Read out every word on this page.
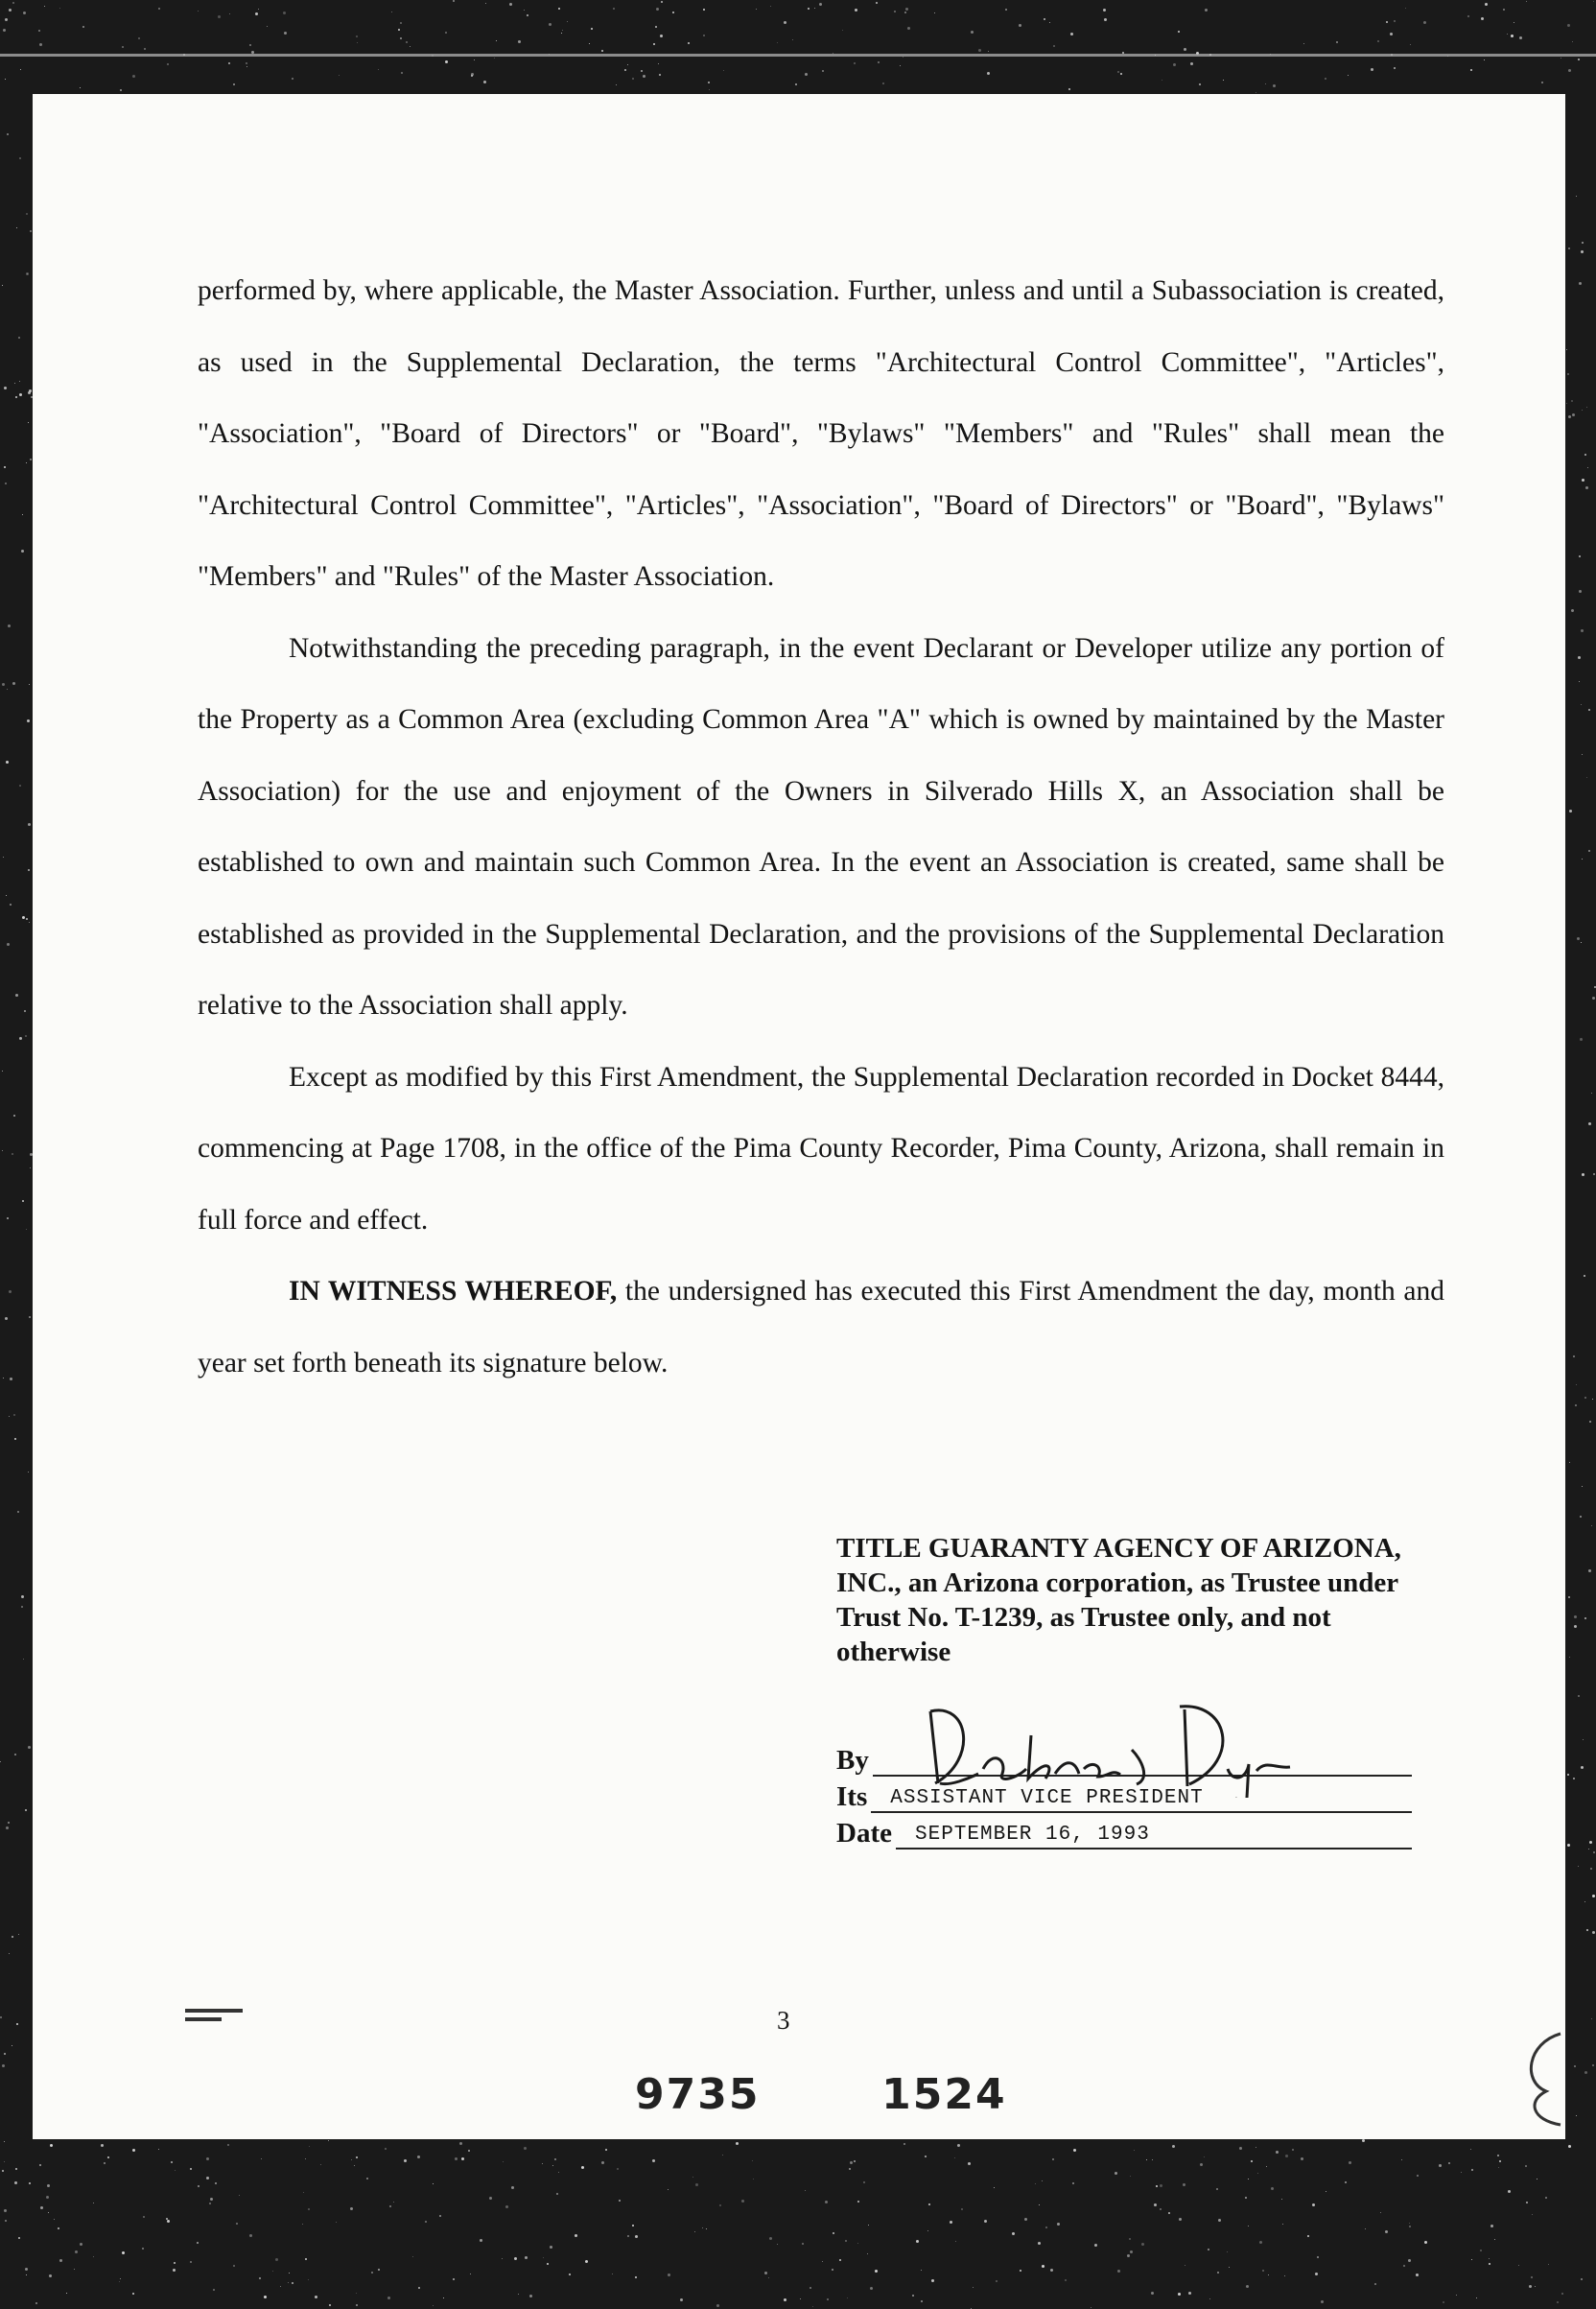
performed by, where applicable, the Master Association. Further, unless and until a Subassociation is created, as used in the Supplemental Declaration, the terms "Architectural Control Committee", "Articles", "Association", "Board of Directors" or "Board", "Bylaws" "Members" and "Rules" shall mean the "Architectural Control Committee", "Articles", "Association", "Board of Directors" or "Board", "Bylaws" "Members" and "Rules" of the Master Association.

Notwithstanding the preceding paragraph, in the event Declarant or Developer utilize any portion of the Property as a Common Area (excluding Common Area "A" which is owned by maintained by the Master Association) for the use and enjoyment of the Owners in Silverado Hills X, an Association shall be established to own and maintain such Common Area. In the event an Association is created, same shall be established as provided in the Supplemental Declaration, and the provisions of the Supplemental Declaration relative to the Association shall apply.

Except as modified by this First Amendment, the Supplemental Declaration recorded in Docket 8444, commencing at Page 1708, in the office of the Pima County Recorder, Pima County, Arizona, shall remain in full force and effect.

IN WITNESS WHEREOF, the undersigned has executed this First Amendment the day, month and year set forth beneath its signature below.

TITLE GUARANTY AGENCY OF ARIZONA, INC., an Arizona corporation, as Trustee under Trust No. T-1239, as Trustee only, and not otherwise

By
Its	ASSISTANT VICE PRESIDENT
Date	SEPTEMBER 16, 1993
3
9735	1524
